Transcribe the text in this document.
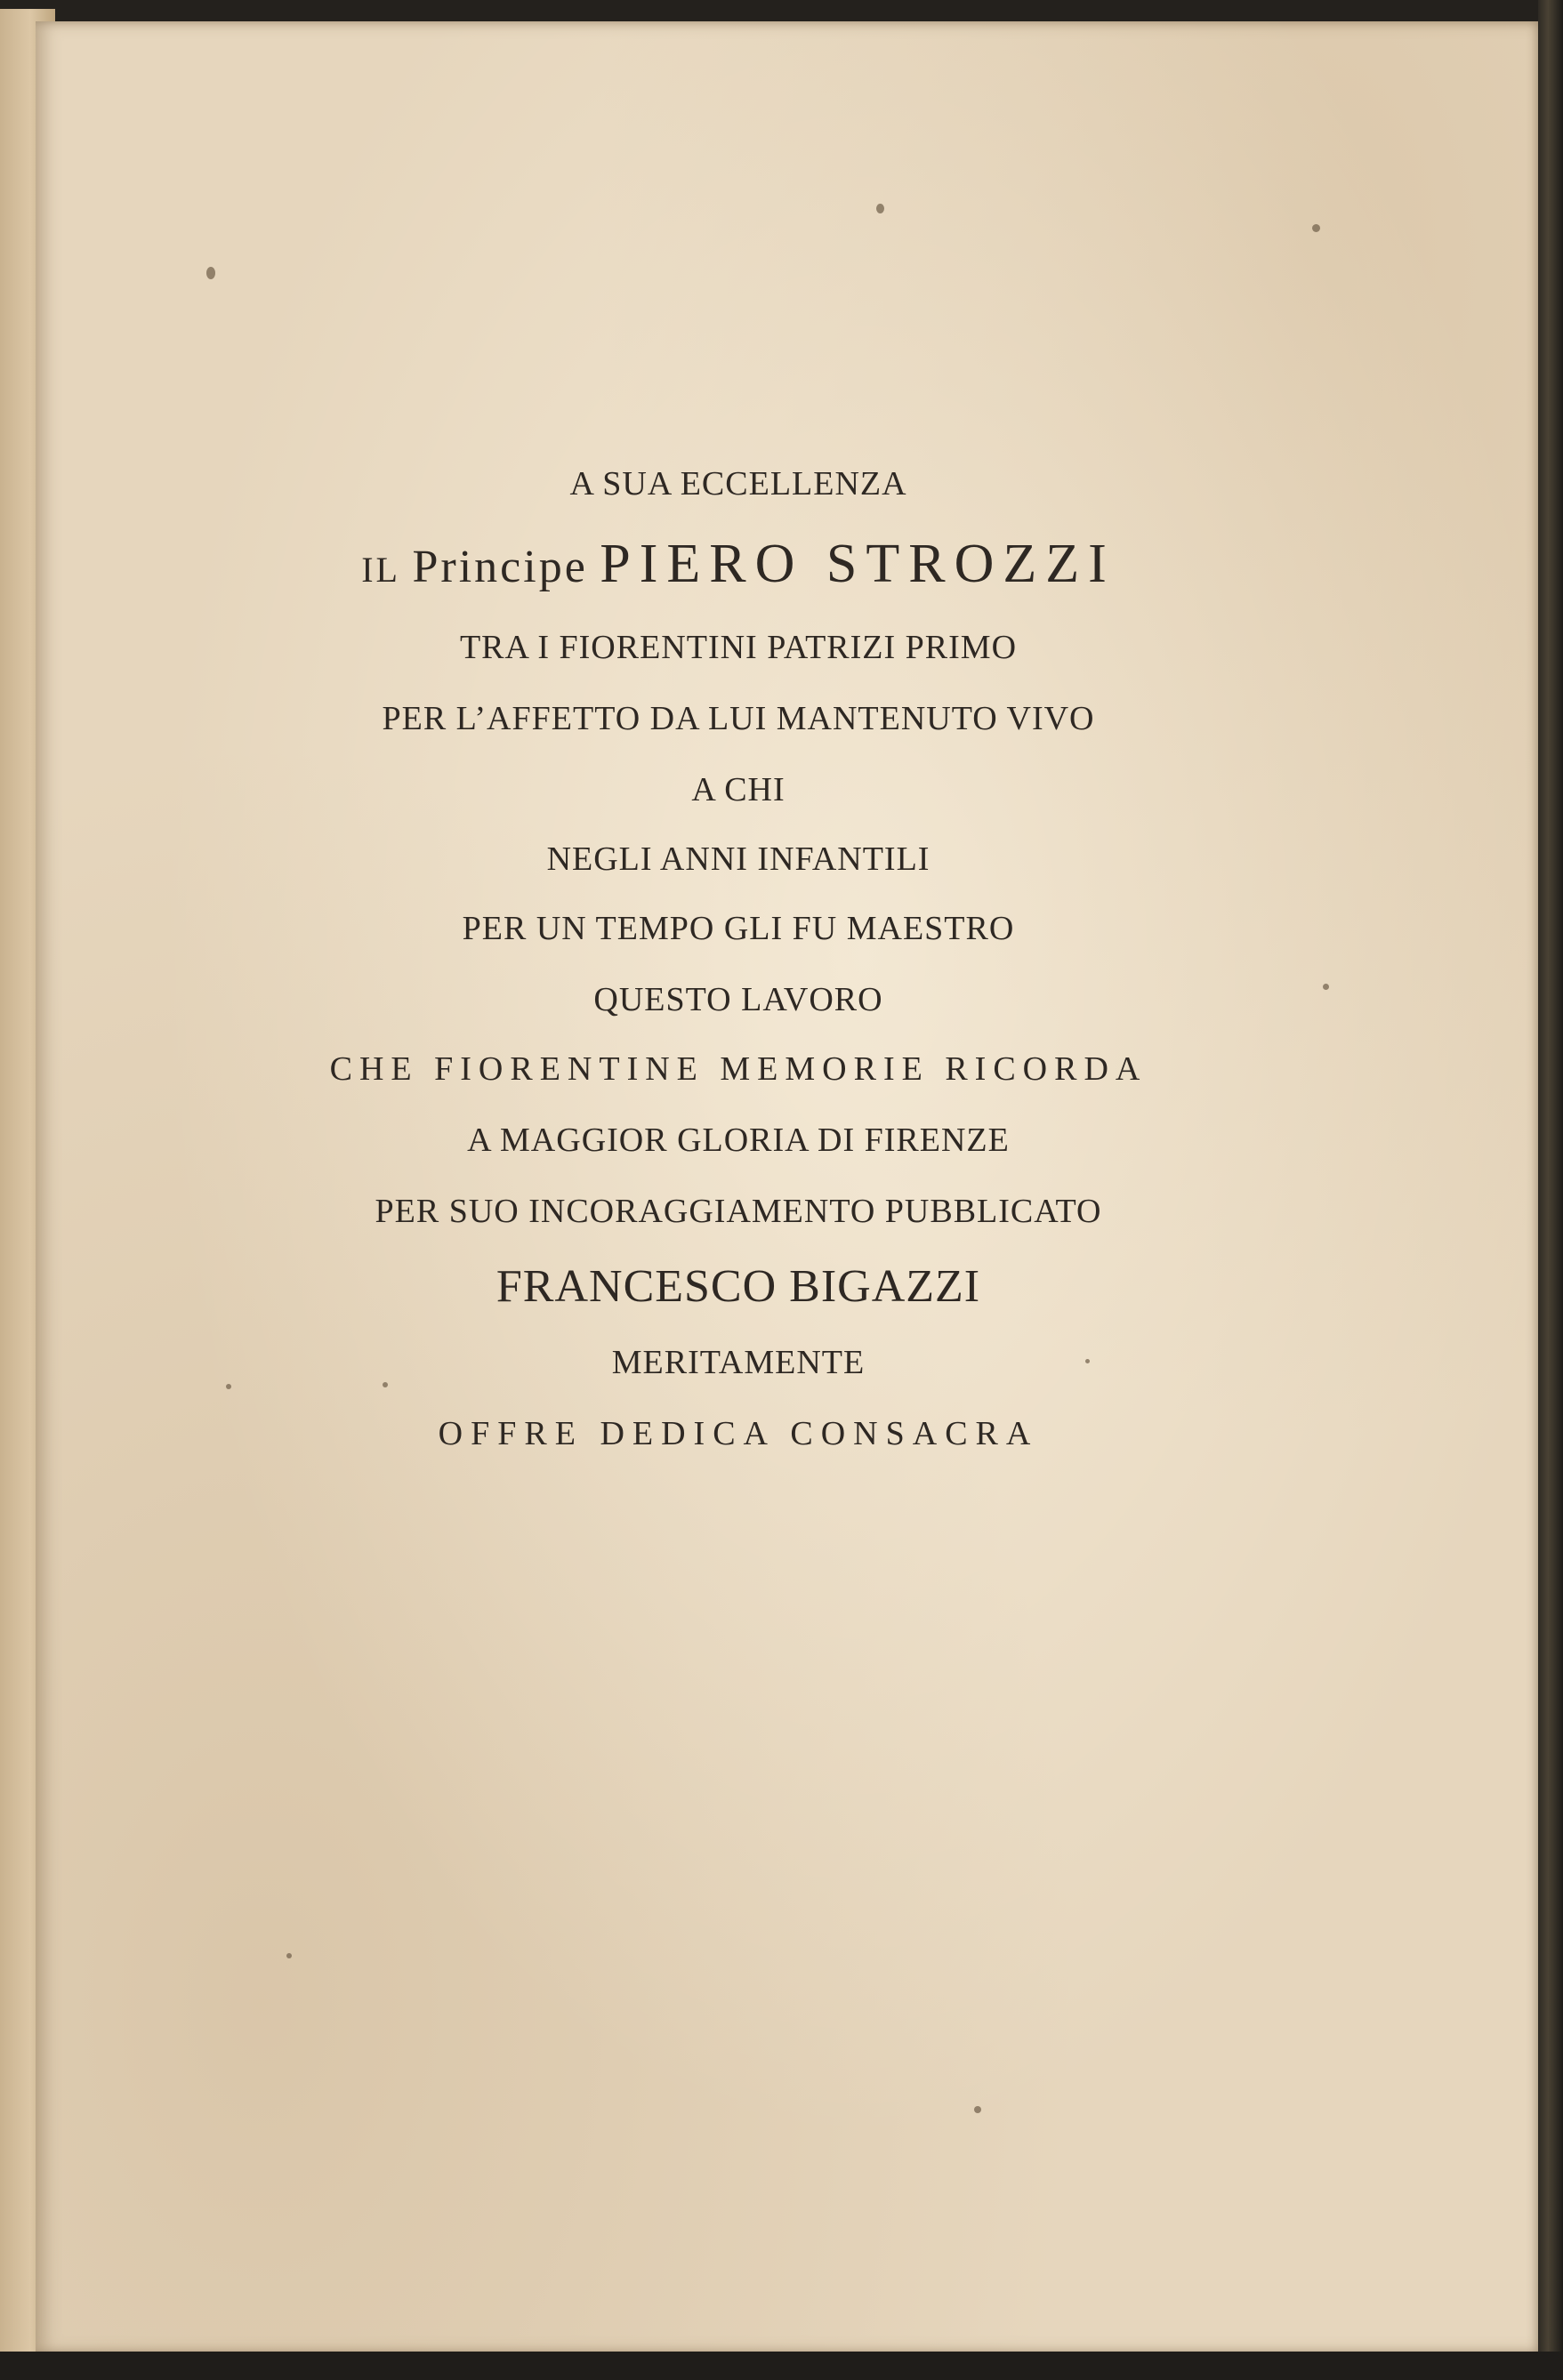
A SUA ECCELLENZA
IL Principe PIERO STROZZI
TRA I FIORENTINI PATRIZI PRIMO
PER L’AFFETTO DA LUI MANTENUTO VIVO
A CHI
NEGLI ANNI INFANTILI
PER UN TEMPO GLI FU MAESTRO
QUESTO LAVORO
CHE FIORENTINE MEMORIE RICORDA
A MAGGIOR GLORIA DI FIRENZE
PER SUO INCORAGGIAMENTO PUBBLICATO
FRANCESCO BIGAZZI
MERITAMENTE
OFFRE DEDICA CONSACRA
